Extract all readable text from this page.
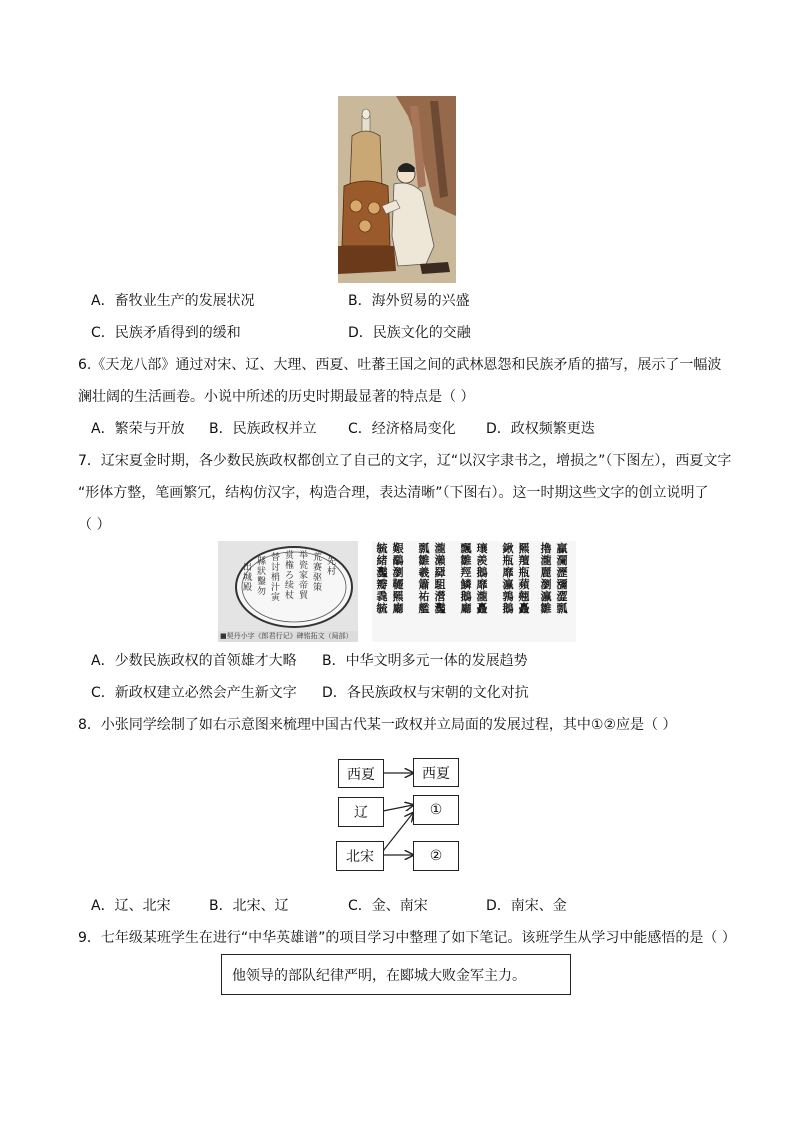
A．畜牧业生产的发展状况	B．海外贸易的兴盛
C．民族矛盾得到的缓和	D．民族文化的交融
6.《天龙八部》通过对宋、辽、大理、西夏、吐蕃王国之间的武林恩怨和民族矛盾的描写，展示了一幅波
澜壮阔的生活画卷。小说中所述的历史时期最显著的特点是（ ）
A．繁荣与开放 B．民族政权并立 C．经济格局变化 D．政权频繁更迭
7．辽宋夏金时期，各少数民族政权都创立了自己的文字，辽“以汉字隶书之，增损之”（下图左），西夏文字
“形体方整，笔画繁冗，结构仿汉字，构造合理，表达清晰”（下图右）。这一时期这些文字的创立说明了
（ ）
出城殿
縣狀鑿勿
替讨梢汁寅
赏権ろ续杖
举瓷家帝貿
荒赛驱策
先村
■契丹小字《郎君行记》碑铭拓文（局部）
毓緒灩瓣毳毓
艱鷸瀏韆羆廳
瓢雛羲簫祐艦
瀧瀨羄駔瀯灩
飄雛羥鱗鵝廳
瓖羨鵝靡瀧矗
鍬瓶靡瀛鶉鵝
羆羶瓶蘋翹矗
擼瀧麗瀏瀛雛
贏瀾瀝瀰澀瓢
A．少数民族政权的首领雄才大略 B．中华文明多元一体的发展趋势
C．新政权建立必然会产生新文字 D．各民族政权与宋朝的文化对抗
8．小张同学绘制了如右示意图来梳理中国古代某一政权并立局面的发展过程，其中①②应是（ ）
西夏	西夏
辽	①
北宋	②
A．辽、北宋	B．北宋、辽	C．金、南宋	D．南宋、金
9．七年级某班学生在进行“中华英雄谱”的项目学习中整理了如下笔记。该班学生从学习中能感悟的是（ ）
他领导的部队纪律严明，在郾城大败金军主力。
